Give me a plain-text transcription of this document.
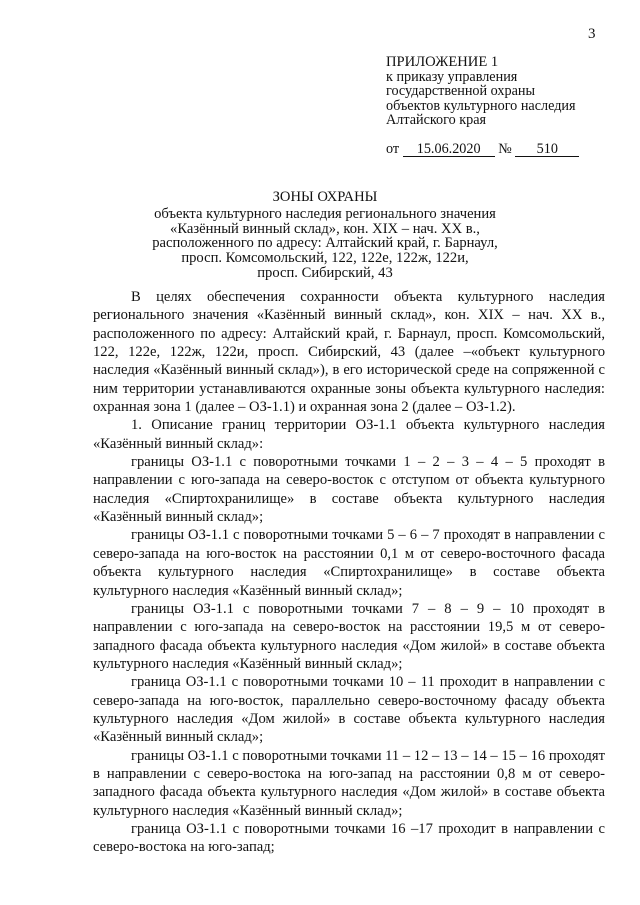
3
ПРИЛОЖЕНИЕ 1
к приказу управления
государственной охраны
объектов культурного наследия
Алтайского края
от 15.06.2020 № 510
ЗОНЫ ОХРАНЫ
объекта культурного наследия регионального значения
«Казённый винный склад», кон. XIX – нач. XX в.,
расположенного по адресу: Алтайский край, г. Барнаул,
просп. Комсомольский, 122, 122е, 122ж, 122и,
просп. Сибирский, 43

В целях обеспечения сохранности объекта культурного наследия регионального значения «Казённый винный склад», кон. XIX – нач. XX в., расположенного по адресу: Алтайский край, г. Барнаул, просп. Комсомольский, 122, 122е, 122ж, 122и, просп. Сибирский, 43 (далее –«объект культурного наследия «Казённый винный склад»), в его исторической среде на сопряженной с ним территории устанавливаются охранные зоны объекта культурного наследия: охранная зона 1 (далее – ОЗ-1.1) и охранная зона 2 (далее – ОЗ-1.2).

1. Описание границ территории ОЗ-1.1 объекта культурного наследия «Казённый винный склад»:

границы ОЗ-1.1 с поворотными точками 1 – 2 – 3 – 4 – 5 проходят в направлении с юго-запада на северо-восток с отступом от объекта культурного наследия «Спиртохранилище» в составе объекта культурного наследия «Казённый винный склад»;

границы ОЗ-1.1 с поворотными точками 5 – 6 – 7 проходят в направлении с северо-запада на юго-восток на расстоянии 0,1 м от северо-восточного фасада объекта культурного наследия «Спиртохранилище» в составе объекта культурного наследия «Казённый винный склад»;

границы ОЗ-1.1 с поворотными точками 7 – 8 – 9 – 10 проходят в направлении с юго-запада на северо-восток на расстоянии 19,5 м от северо-западного фасада объекта культурного наследия «Дом жилой» в составе объекта культурного наследия «Казённый винный склад»;

граница ОЗ-1.1 с поворотными точками 10 – 11 проходит в направлении с северо-запада на юго-восток, параллельно северо-восточному фасаду объекта культурного наследия «Дом жилой» в составе объекта культурного наследия «Казённый винный склад»;

границы ОЗ-1.1 с поворотными точками 11 – 12 – 13 – 14 – 15 – 16 проходят в направлении с северо-востока на юго-запад на расстоянии 0,8 м от северо-западного фасада объекта культурного наследия «Дом жилой» в составе объекта культурного наследия «Казённый винный склад»;

граница ОЗ-1.1 с поворотными точками 16 –17 проходит в направлении с северо-востока на юго-запад;
